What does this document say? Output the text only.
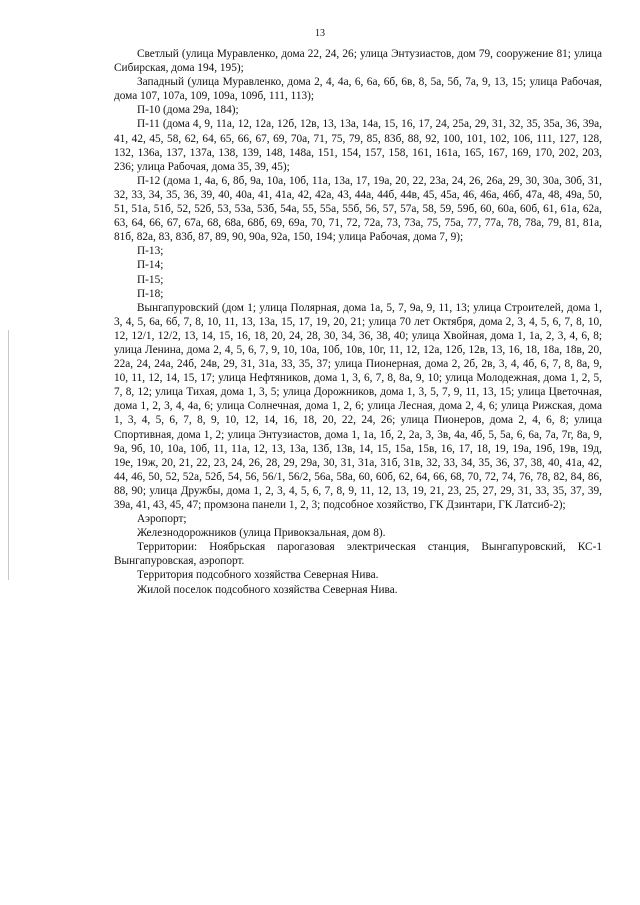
13

Светлый (улица Муравленко, дома 22, 24, 26; улица Энтузиастов, дом 79, сооружение 81; улица Сибирская, дома 194, 195);

Западный (улица Муравленко, дома 2, 4, 4а, 6, 6а, 6б, 6в, 8, 5а, 5б, 7а, 9, 13, 15; улица Рабочая, дома 107, 107а, 109, 109а, 109б, 111, 113);

П-10 (дома 29а, 184);

П-11 (дома 4, 9, 11а, 12, 12а, 12б, 12в, 13, 13а, 14а, 15, 16, 17, 24, 25а, 29, 31, 32, 35, 35а, 36, 39а, 41, 42, 45, 58, 62, 64, 65, 66, 67, 69, 70а, 71, 75, 79, 85, 83б, 88, 92, 100, 101, 102, 106, 111, 127, 128, 132, 136а, 137, 137а, 138, 139, 148, 148а, 151, 154, 157, 158, 161, 161а, 165, 167, 169, 170, 202, 203, 236; улица Рабочая, дома 35, 39, 45);

П-12 (дома 1, 4а, 6, 8б, 9а, 10а, 10б, 11а, 13а, 17, 19а, 20, 22, 23а, 24, 26, 26а, 29, 30, 30а, 30б, 31, 32, 33, 34, 35, 36, 39, 40, 40а, 41, 41а, 42, 42а, 43, 44а, 44б, 44в, 45, 45а, 46, 46а, 46б, 47а, 48, 49а, 50, 51, 51а, 51б, 52, 52б, 53, 53а, 53б, 54а, 55, 55а, 55б, 56, 57, 57а, 58, 59, 59б, 60, 60а, 60б, 61, 61а, 62а, 63, 64, 66, 67, 67а, 68, 68а, 68б, 69, 69а, 70, 71, 72, 72а, 73, 73а, 75, 75а, 77, 77а, 78, 78а, 79, 81, 81а, 81б, 82а, 83, 83б, 87, 89, 90, 90а, 92а, 150, 194; улица Рабочая, дома 7, 9);

П-13;

П-14;

П-15;

П-18;

Вынгапуровский (дом 1; улица Полярная, дома 1а, 5, 7, 9а, 9, 11, 13; улица Строителей, дома 1, 3, 4, 5, 6а, 6б, 7, 8, 10, 11, 13, 13а, 15, 17, 19, 20, 21; улица 70 лет Октября, дома 2, 3, 4, 5, 6, 7, 8, 10, 12, 12/1, 12/2, 13, 14, 15, 16, 18, 20, 24, 28, 30, 34, 36, 38, 40; улица Хвойная, дома 1, 1а, 2, 3, 4, 6, 8; улица Ленина, дома 2, 4, 5, 6, 7, 9, 10, 10а, 10б, 10в, 10г, 11, 12, 12а, 12б, 12в, 13, 16, 18, 18а, 18в, 20, 22а, 24, 24а, 24б, 24в, 29, 31, 31а, 33, 35, 37; улица Пионерная, дома 2, 2б, 2в, 3, 4, 4б, 6, 7, 8, 8а, 9, 10, 11, 12, 14, 15, 17; улица Нефтяников, дома 1, 3, 6, 7, 8, 8а, 9, 10; улица Молодежная, дома 1, 2, 5, 7, 8, 12; улица Тихая, дома 1, 3, 5; улица Дорожников, дома 1, 3, 5, 7, 9, 11, 13, 15; улица Цветочная, дома 1, 2, 3, 4, 4а, 6; улица Солнечная, дома 1, 2, 6; улица Лесная, дома 2, 4, 6; улица Рижская, дома 1, 3, 4, 5, 6, 7, 8, 9, 10, 12, 14, 16, 18, 20, 22, 24, 26; улица Пионеров, дома 2, 4, 6, 8; улица Спортивная, дома 1, 2; улица Энтузиастов, дома 1, 1а, 1б, 2, 2а, 3, 3в, 4а, 4б, 5, 5а, 6, 6а, 7а, 7г, 8а, 9, 9а, 9б, 10, 10а, 10б, 11, 11а, 12, 13, 13а, 13б, 13в, 14, 15, 15а, 15в, 16, 17, 18, 19, 19а, 19б, 19в, 19д, 19е, 19ж, 20, 21, 22, 23, 24, 26, 28, 29, 29а, 30, 31, 31а, 31б, 31в, 32, 33, 34, 35, 36, 37, 38, 40, 41а, 42, 44, 46, 50, 52, 52а, 52б, 54, 56, 56/1, 56/2, 56а, 58а, 60, 60б, 62, 64, 66, 68, 70, 72, 74, 76, 78, 82, 84, 86, 88, 90; улица Дружбы, дома 1, 2, 3, 4, 5, 6, 7, 8, 9, 11, 12, 13, 19, 21, 23, 25, 27, 29, 31, 33, 35, 37, 39, 39а, 41, 43, 45, 47; промзона панели 1, 2, 3; подсобное хозяйство, ГК Дзинтари, ГК Латсиб-2);

Аэропорт;

Железнодорожников (улица Привокзальная, дом 8).

Территории: Ноябрьская парогазовая электрическая станция, Вынгапуровский, КС-1 Вынгапуровская, аэропорт.

Территория подсобного хозяйства Северная Нива.

Жилой поселок подсобного хозяйства Северная Нива.
